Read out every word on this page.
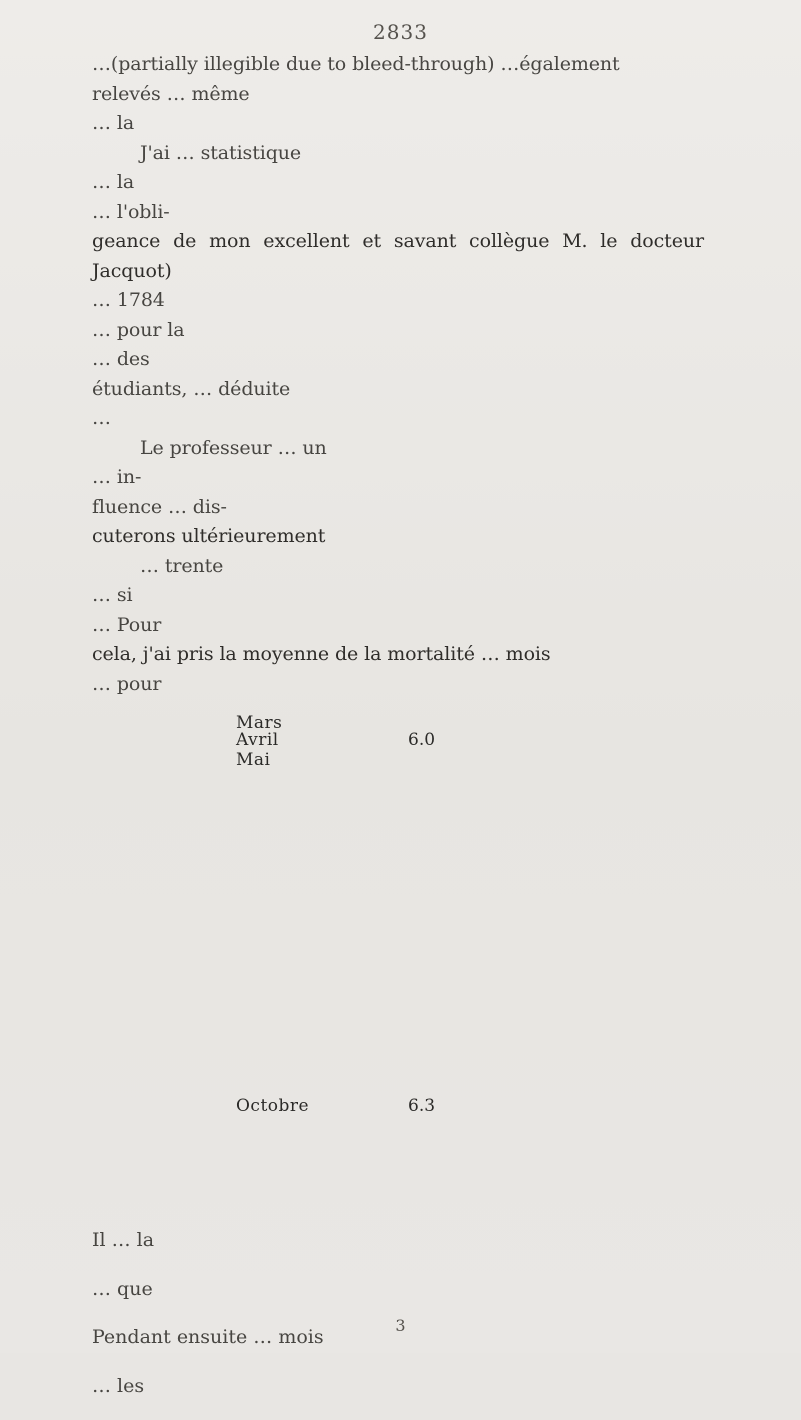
2833

…(partially illegible due to bleed-through) …également

relevés … même

… la

J'ai … statistique

… la

… l'obli-

geance de mon excellent et savant collègue M. le docteur Jacquot)

… 1784

… pour la

… des

étudiants, … déduite

…

Le professeur … un

… in-

fluence … dis-

cuterons ultérieurement

… trente

… si

… Pour

cela, j'ai pris la moyenne de la mortalité … mois

… pour

Mars
Avril	6.0
Mai
Octobre	6.3

Il … la

… que

Pendant ensuite … mois

… les

3
